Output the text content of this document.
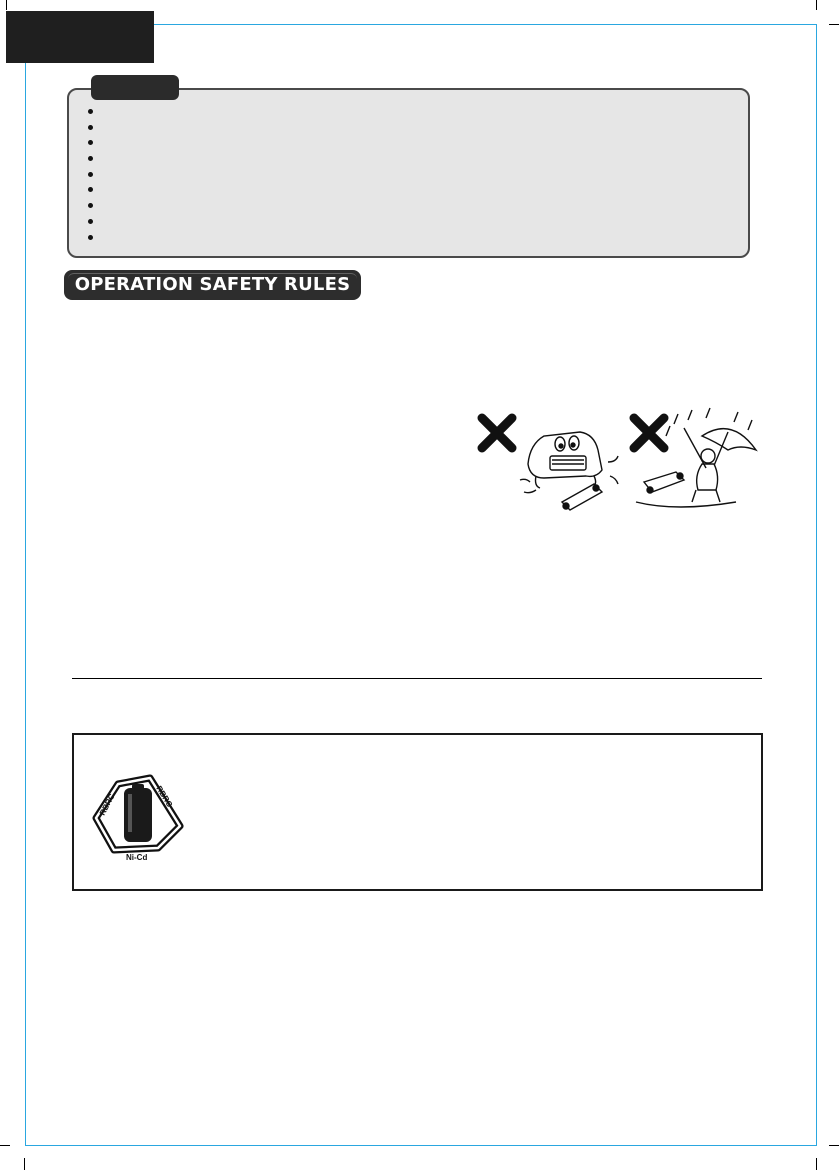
OPERATION SAFETY RULES
RBRC	RBRC
Ni-Cd
